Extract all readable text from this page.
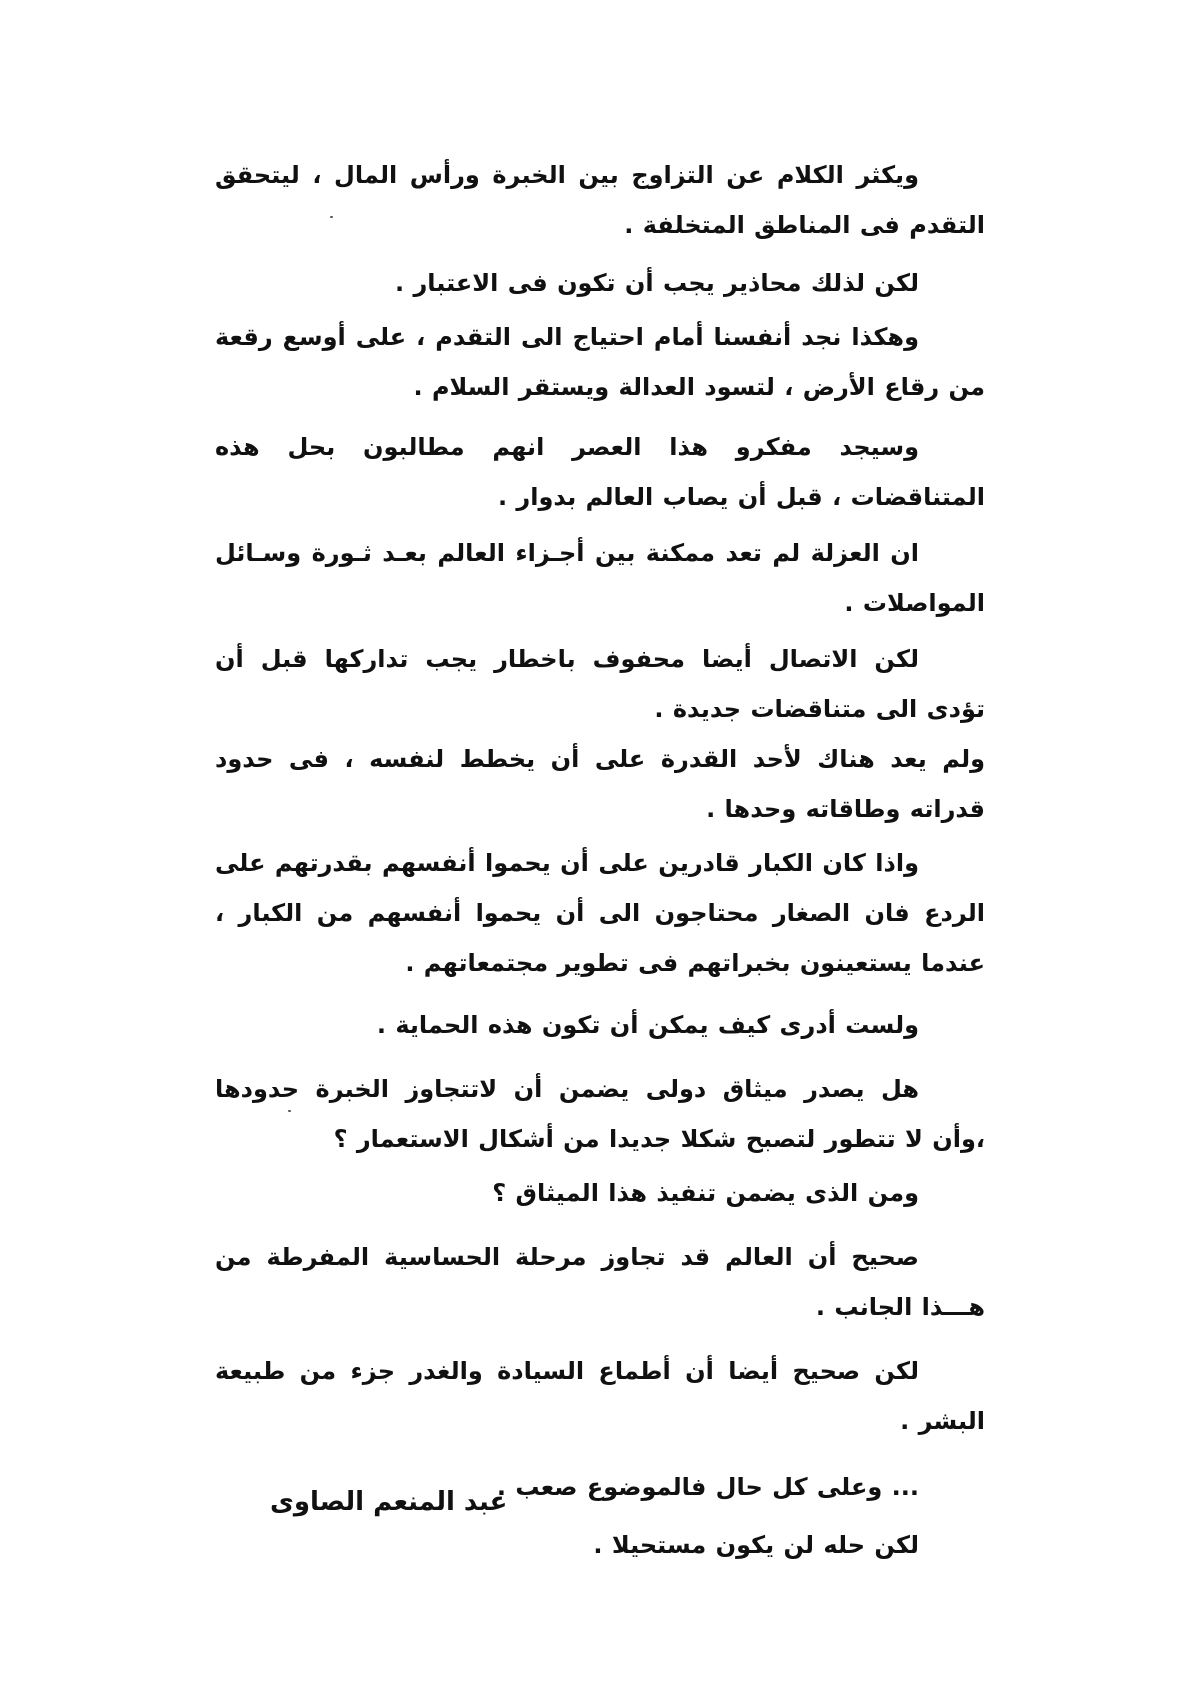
ويكثر الكلام عن التزاوج بين الخبرة ورأس المال ، ليتحقق التقدم فى المناطق المتخلفة .

لكن لذلك محاذير يجب أن تكون فى الاعتبار .

وهكذا نجد أنفسنا أمام احتياج الى التقدم ، على أوسع رقعة من رقاع الأرض ، لتسود العدالة ويستقر السلام .

وسيجد مفكرو هذا العصر انهم مطالبون بحل هذه المتناقضات ، قبل أن يصاب العالم بدوار .

ان العزلة لم تعد ممكنة بين أجـزاء العالم بعـد ثـورة وسـائل المواصلات .

لكن الاتصال أيضا محفوف باخطار يجب تداركها قبل أن تؤدى الى متناقضات جديدة .

ولم يعد هناك لأحد القدرة على أن يخطط لنفسه ، فى حدود قدراته وطاقاته وحدها .

واذا كان الكبار قادرين على أن يحموا أنفسهم بقدرتهم على الردع فان الصغار محتاجون الى أن يحموا أنفسهم من الكبار ، عندما يستعينون بخبراتهم فى تطوير مجتمعاتهم .

ولست أدرى كيف يمكن أن تكون هذه الحماية .

هل يصدر ميثاق دولى يضمن أن لاتتجاوز الخبرة حدودها ،وأن لا تتطور لتصبح شكلا جديدا من أشكال الاستعمار ؟

ومن الذى يضمن تنفيذ هذا الميثاق ؟

صحيح أن العالم قد تجاوز مرحلة الحساسية المفرطة من هـــذا الجانب .

لكن صحيح أيضا أن أطماع السيادة والغدر جزء من طبيعة البشر .

... وعلى كل حال فالموضوع صعب .

لكن حله لن يكون مستحيلا .

عبد المنعم الصاوى
